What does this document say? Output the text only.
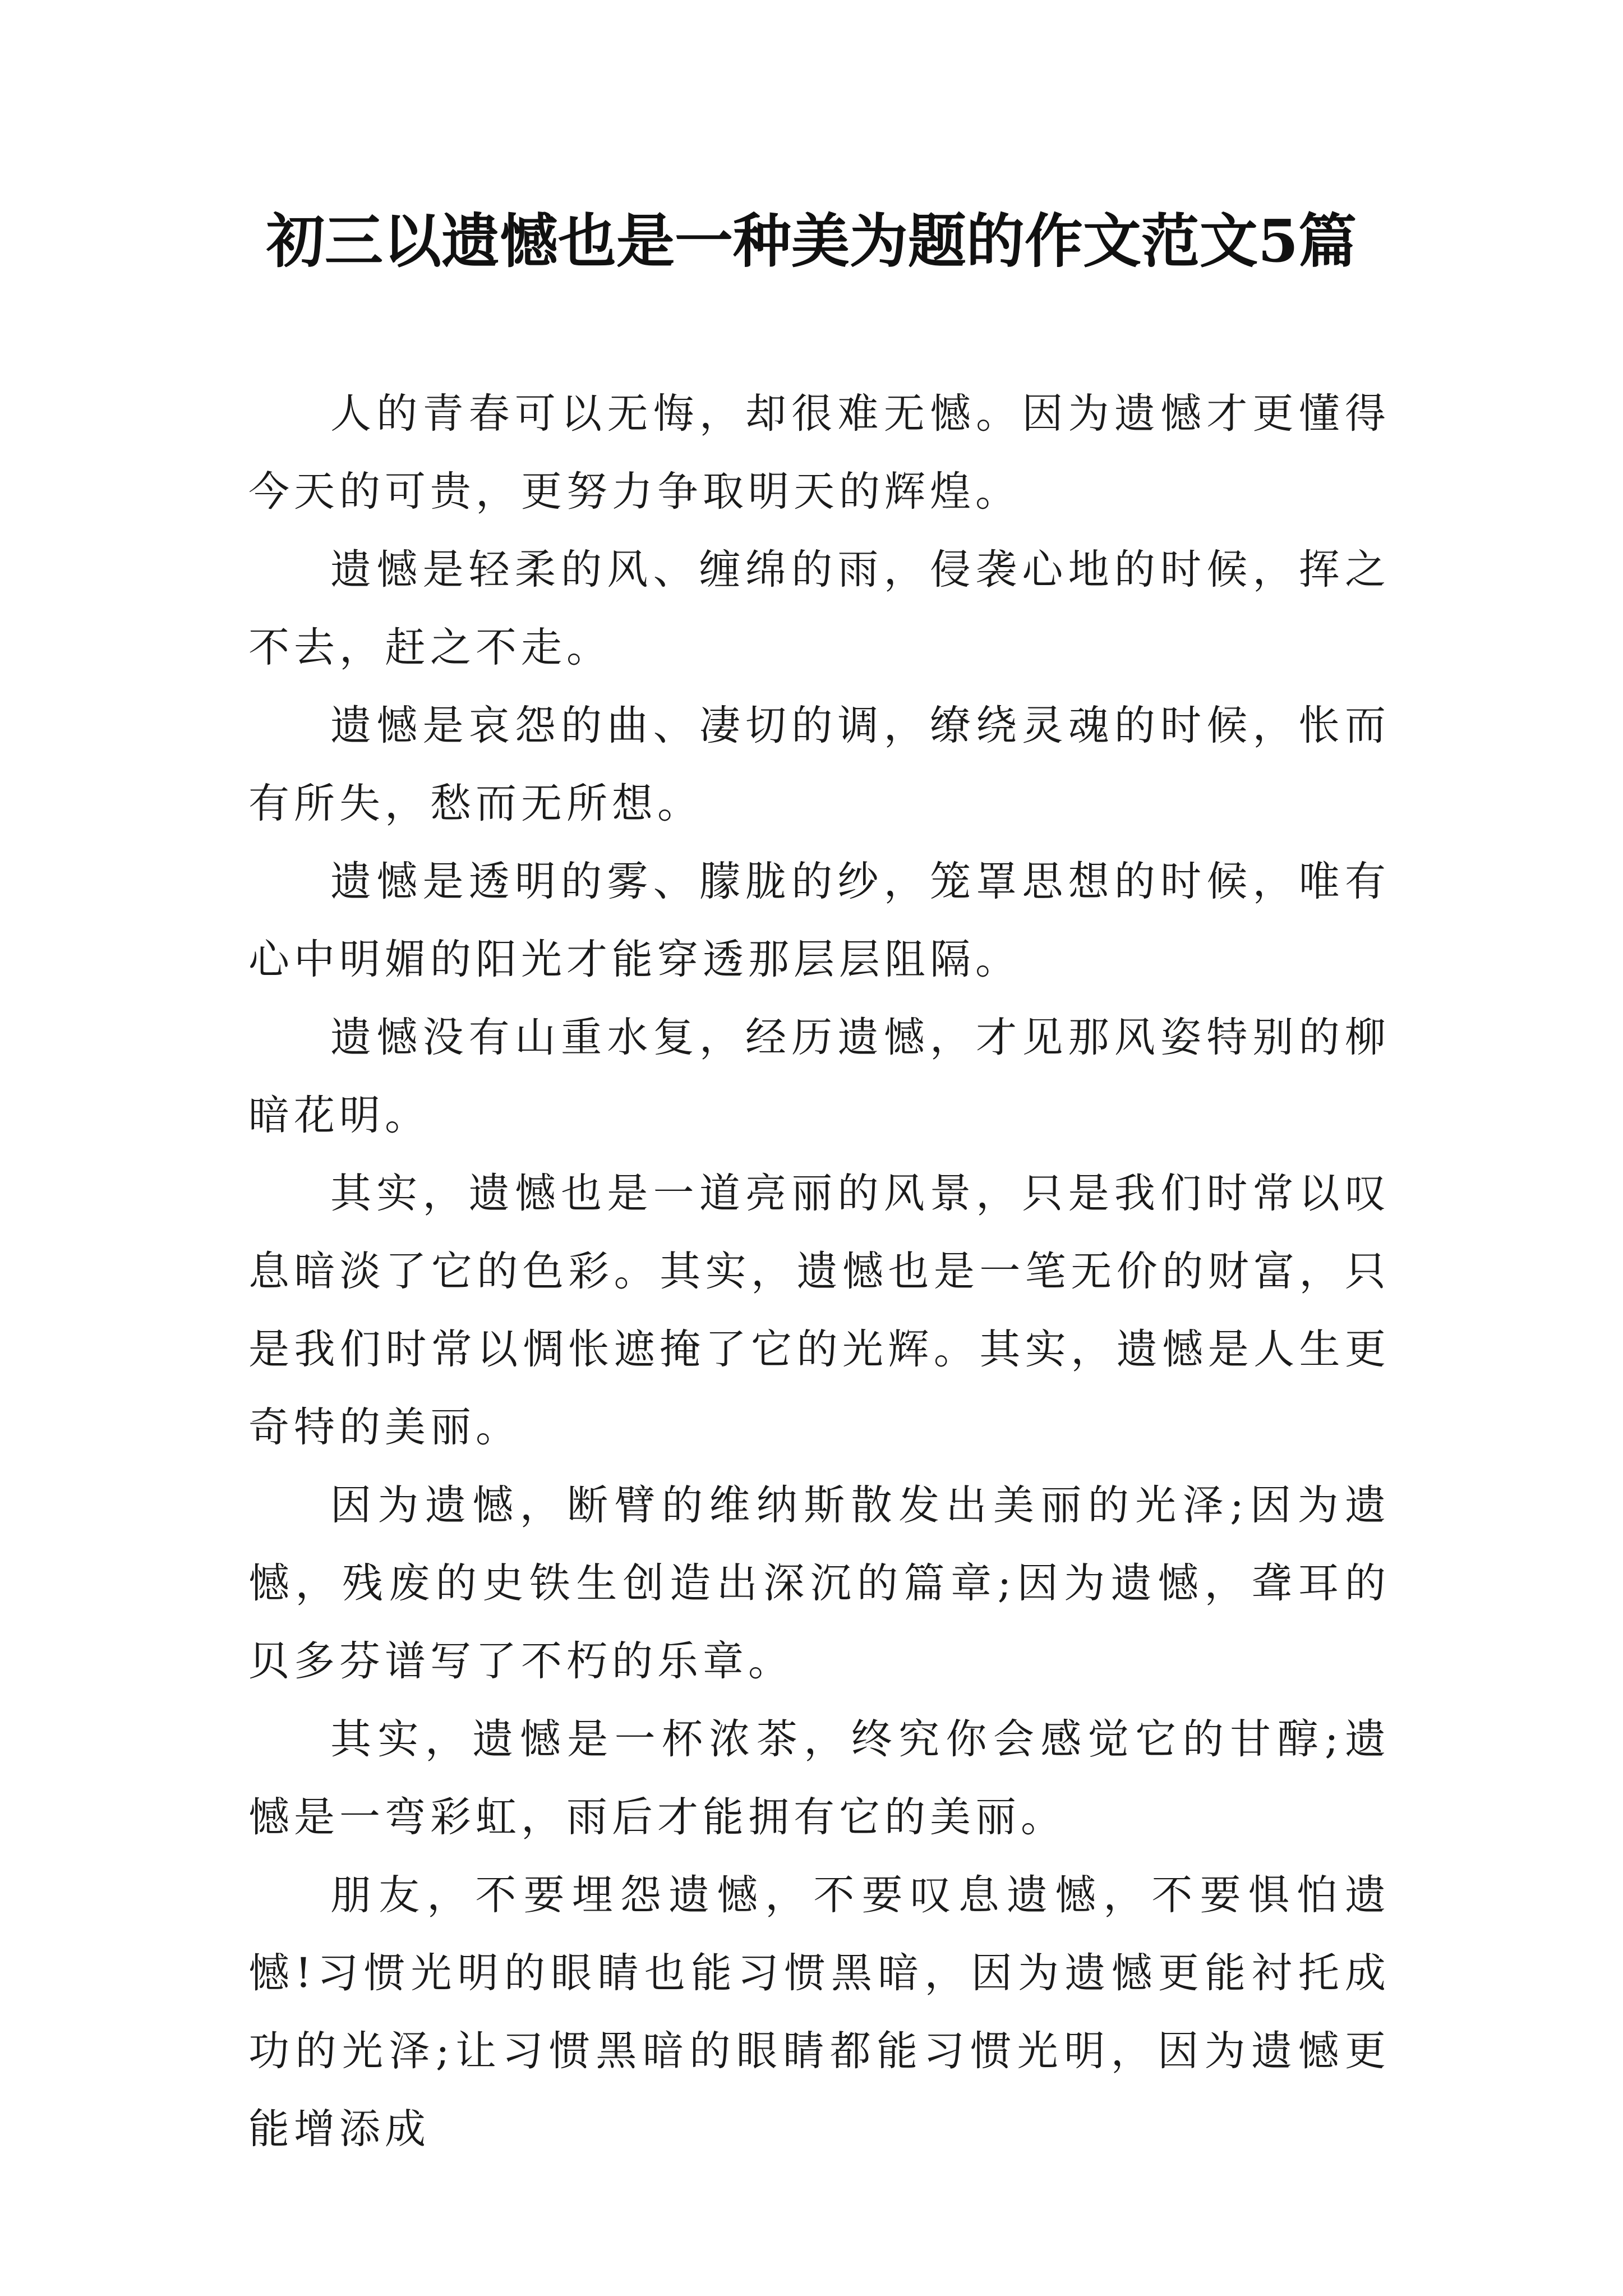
初三以遗憾也是一种美为题的作文范文5篇

人的青春可以无悔，却很难无憾。因为遗憾才更懂得今天的可贵，更努力争取明天的辉煌。

遗憾是轻柔的风、缠绵的雨，侵袭心地的时候，挥之不去，赶之不走。

遗憾是哀怨的曲、凄切的调，缭绕灵魂的时候，怅而有所失，愁而无所想。

遗憾是透明的雾、朦胧的纱，笼罩思想的时候，唯有心中明媚的阳光才能穿透那层层阻隔。

遗憾没有山重水复，经历遗憾，才见那风姿特别的柳暗花明。

其实，遗憾也是一道亮丽的风景，只是我们时常以叹息暗淡了它的色彩。其实，遗憾也是一笔无价的财富，只是我们时常以惆怅遮掩了它的光辉。其实，遗憾是人生更奇特的美丽。

因为遗憾，断臂的维纳斯散发出美丽的光泽;因为遗憾，残废的史铁生创造出深沉的篇章;因为遗憾，聋耳的贝多芬谱写了不朽的乐章。

其实，遗憾是一杯浓茶，终究你会感觉它的甘醇;遗憾是一弯彩虹，雨后才能拥有它的美丽。

朋友，不要埋怨遗憾，不要叹息遗憾，不要惧怕遗憾!习惯光明的眼睛也能习惯黑暗，因为遗憾更能衬托成功的光泽;让习惯黑暗的眼睛都能习惯光明，因为遗憾更能增添成
